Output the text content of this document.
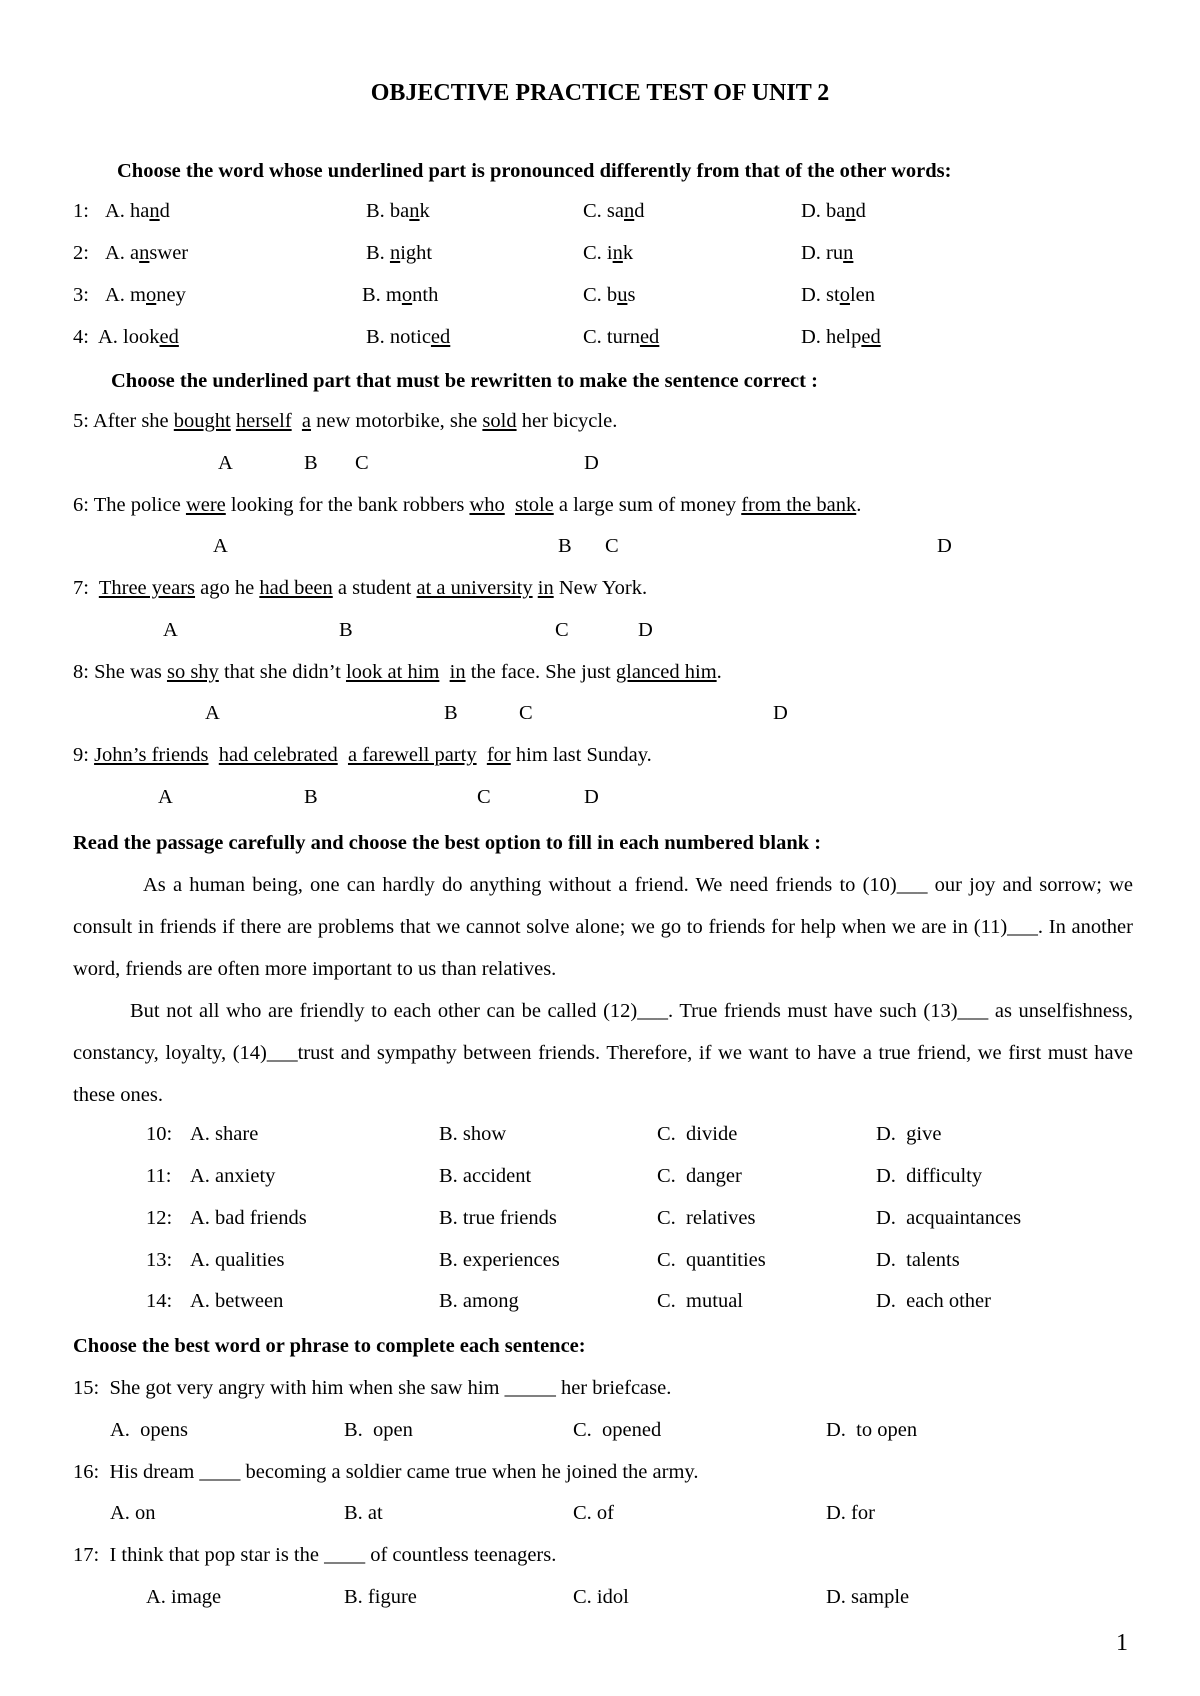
OBJECTIVE PRACTICE TEST OF UNIT 2
Choose the word whose underlined part is pronounced differently from that of the other words:
1: A. hand	B. bank	C. sand	D. band
2: A. answer	B. night	C. ink	D. run
3: A. money	B. month	C. bus	D. stolen
4: A. looked	B. noticed	C. turned	D. helped
Choose the underlined part that must be rewritten to make the sentence correct :
5: After she bought herself a new motorbike, she sold her bicycle.
A	B C	D
6: The police were looking for the bank robbers who stole a large sum of money from the bank.
A	B C	D
7: Three years ago he had been a student at a university in New York.
A	B	C	D
8: She was so shy that she didn’t look at him in the face. She just glanced him.
A	B	C	D
9: John’s friends had celebrated a farewell party for him last Sunday.
A	B	C	D
Read the passage carefully and choose the best option to fill in each numbered blank :

As a human being, one can hardly do anything without a friend. We need friends to (10)___ our joy and sorrow; we consult in friends if there are problems that we cannot solve alone; we go to friends for help when we are in (11)___. In another word, friends are often more important to us than relatives.

But not all who are friendly to each other can be called (12)___. True friends must have such (13)___ as unselfishness, constancy, loyalty, (14)___trust and sympathy between friends. Therefore, if we want to have a true friend, we first must have these ones.

10: A. share	B. show	C.  divide	D.  give
11: A. anxiety	B. accident	C.  danger	D.  difficulty
12: A. bad friends	B. true friends	C.  relatives	D.  acquaintances
13: A. qualities	B. experiences	C.  quantities	D.  talents
14: A. between	B. among	C.  mutual	D.  each other
Choose the best word or phrase to complete each sentence:
15:  She got very angry with him when she saw him _____ her briefcase.
A.  opens	B.  open	C.  opened	D.  to open
16:  His dream ____ becoming a soldier came true when he joined the army.
A. on	B. at	C. of	D. for
17:  I think that pop star is the ____ of countless teenagers.
A. image	B. figure	C. idol	D. sample
1
